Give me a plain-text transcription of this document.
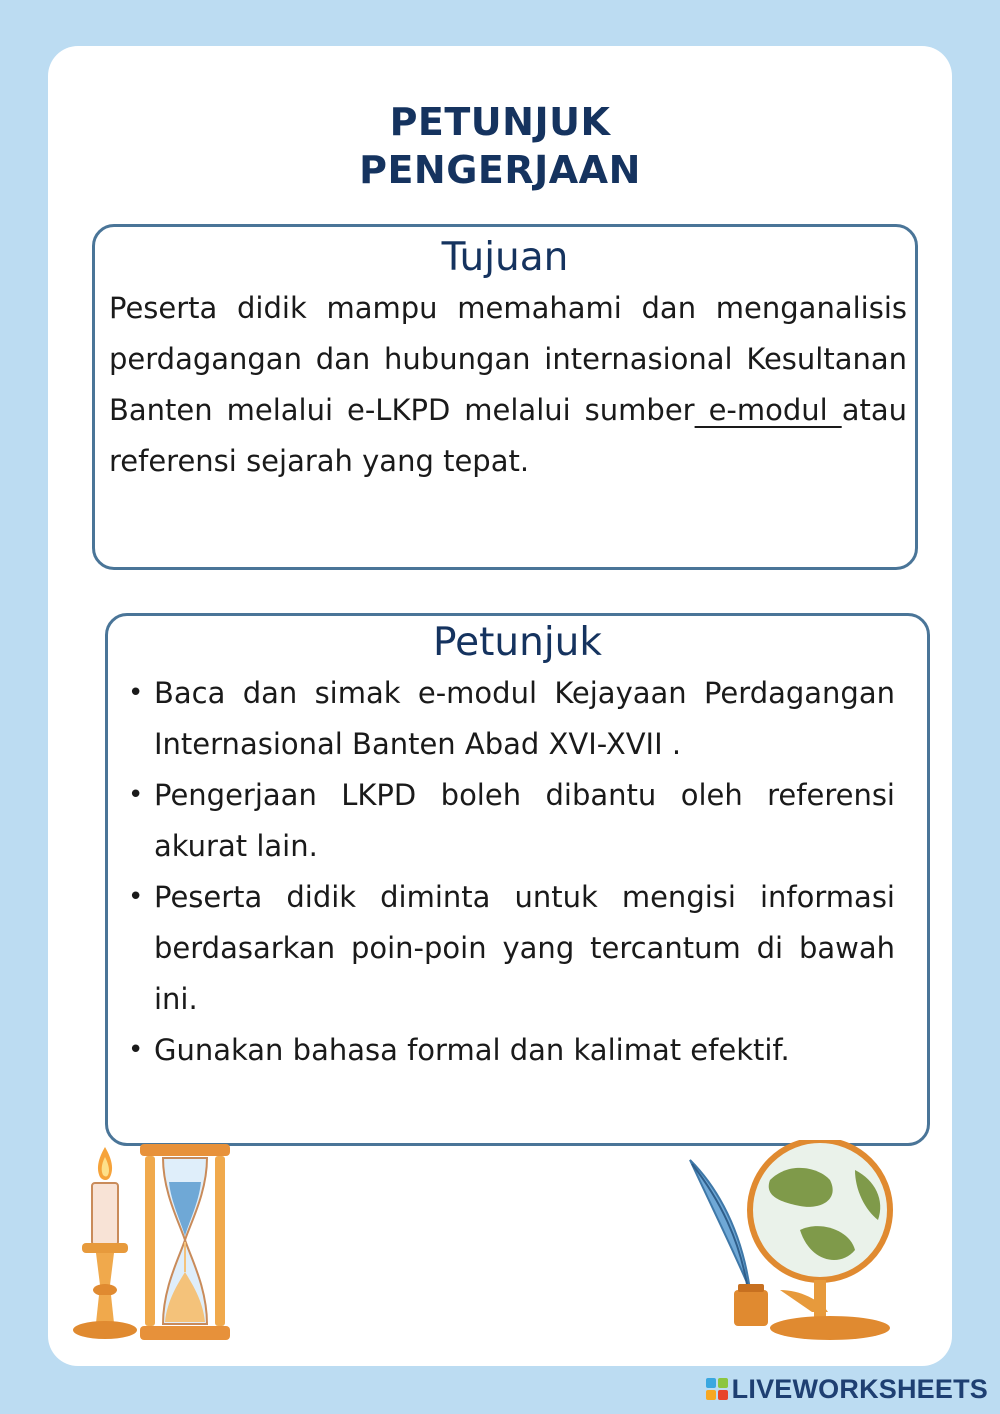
PETUNJUK
PENGERJAAN
Tujuan

Peserta didik mampu memahami dan menganalisis perdagangan dan hubungan internasional Kesultanan Banten melalui e-LKPD melalui sumber e-modul atau referensi sejarah yang tepat.

Petunjuk
• Baca dan simak e-modul Kejayaan Perdagangan Internasional Banten Abad XVI-XVII .
• Pengerjaan LKPD boleh dibantu oleh referensi akurat lain.
• Peserta didik diminta untuk mengisi informasi berdasarkan poin-poin yang tercantum di bawah ini.
• Gunakan bahasa formal dan kalimat efektif.
LIVEWORKSHEETS
